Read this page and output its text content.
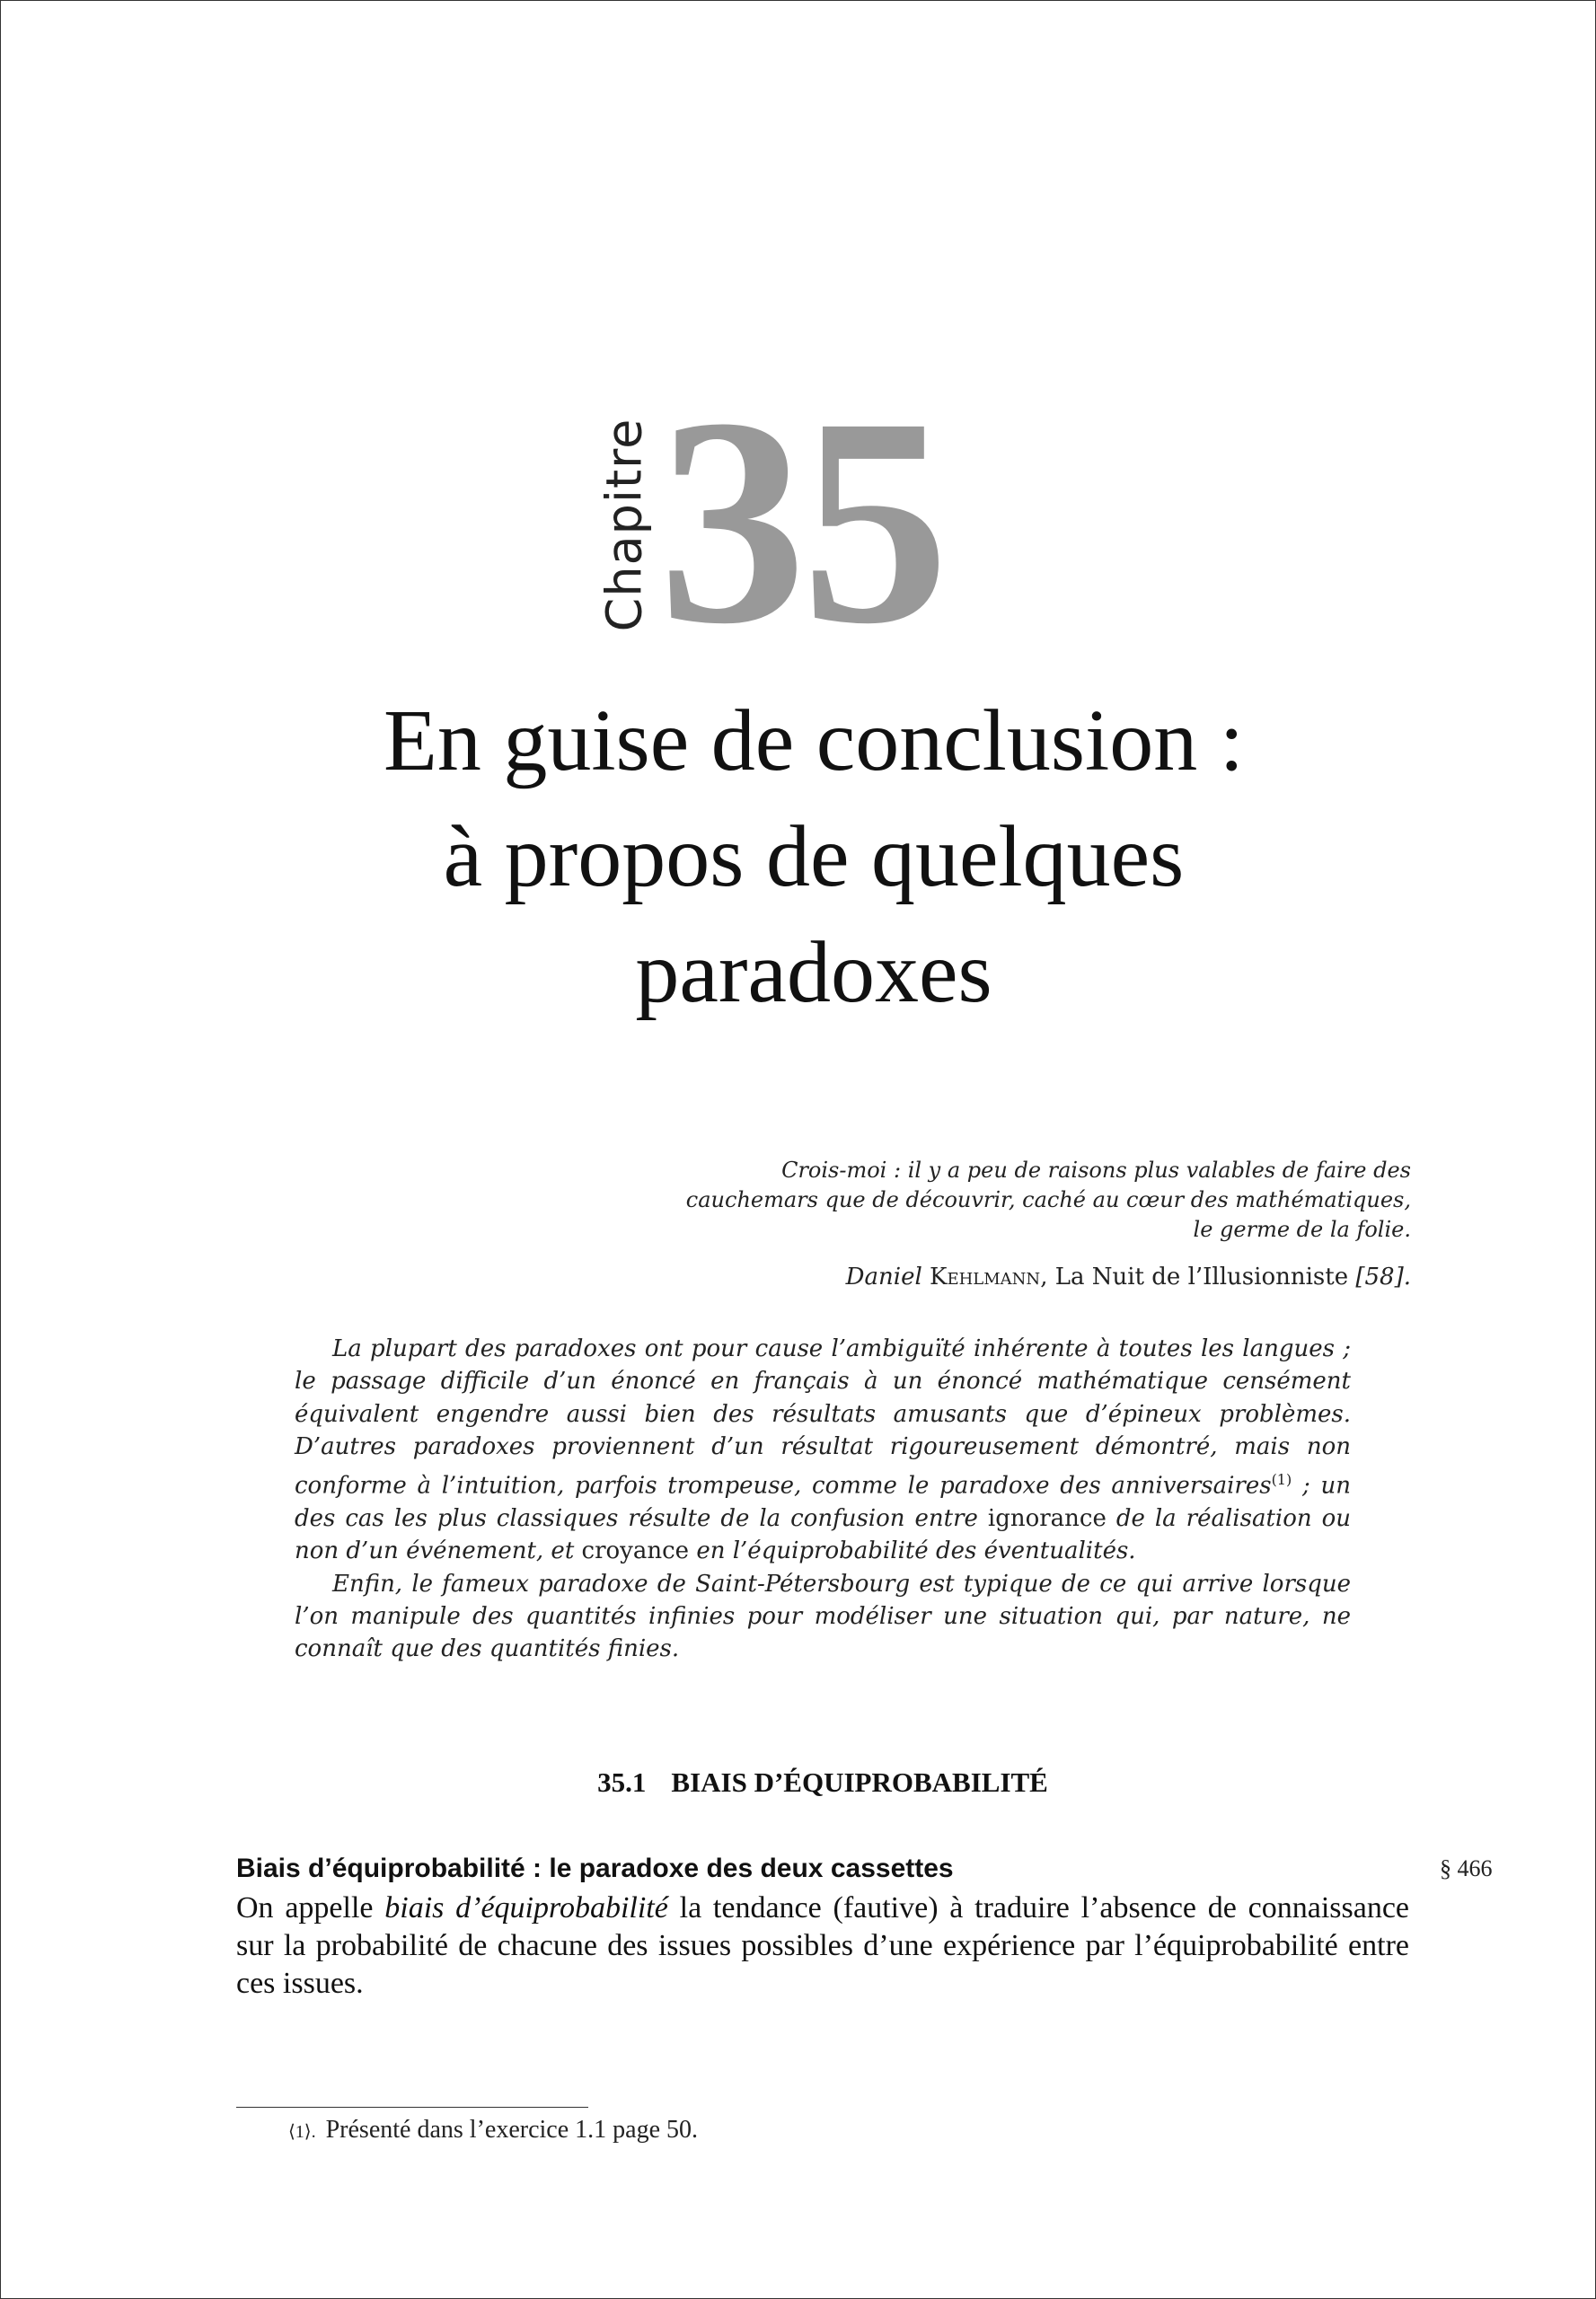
Chapitre 35
En guise de conclusion :
à propos de quelques
paradoxes
Crois-moi : il y a peu de raisons plus valables de faire des
cauchemars que de découvrir, caché au cœur des mathématiques,
le germe de la folie.
Daniel Kehlmann, La Nuit de l’Illusionniste [58].

La plupart des paradoxes ont pour cause l’ambiguïté inhérente à toutes les langues ; le passage difficile d’un énoncé en français à un énoncé mathématique censément équivalent engendre aussi bien des résultats amusants que d’épineux problèmes. D’autres paradoxes proviennent d’un résultat rigoureusement démontré, mais non conforme à l’intuition, parfois trompeuse, comme le paradoxe des anniversaires$^{(1)}$ ; un des cas les plus classiques résulte de la confusion entre ignorance de la réalisation ou non d’un événement, et croyance en l’équiprobabilité des éventualités.

Enfin, le fameux paradoxe de Saint-Pétersbourg est typique de ce qui arrive lorsque l’on manipule des quantités infinies pour modéliser une situation qui, par nature, ne connaît que des quantités finies.

35.1 BIAIS D’ÉQUIPROBABILITÉ
Biais d’équiprobabilité : le paradoxe des deux cassettes	§ 466

On appelle biais d’équiprobabilité la tendance (fautive) à traduire l’absence de connaissance sur la probabilité de chacune des issues possibles d’une expérience par l’équiprobabilité entre ces issues.

⟨1⟩. Présenté dans l’exercice 1.1 page 50.
